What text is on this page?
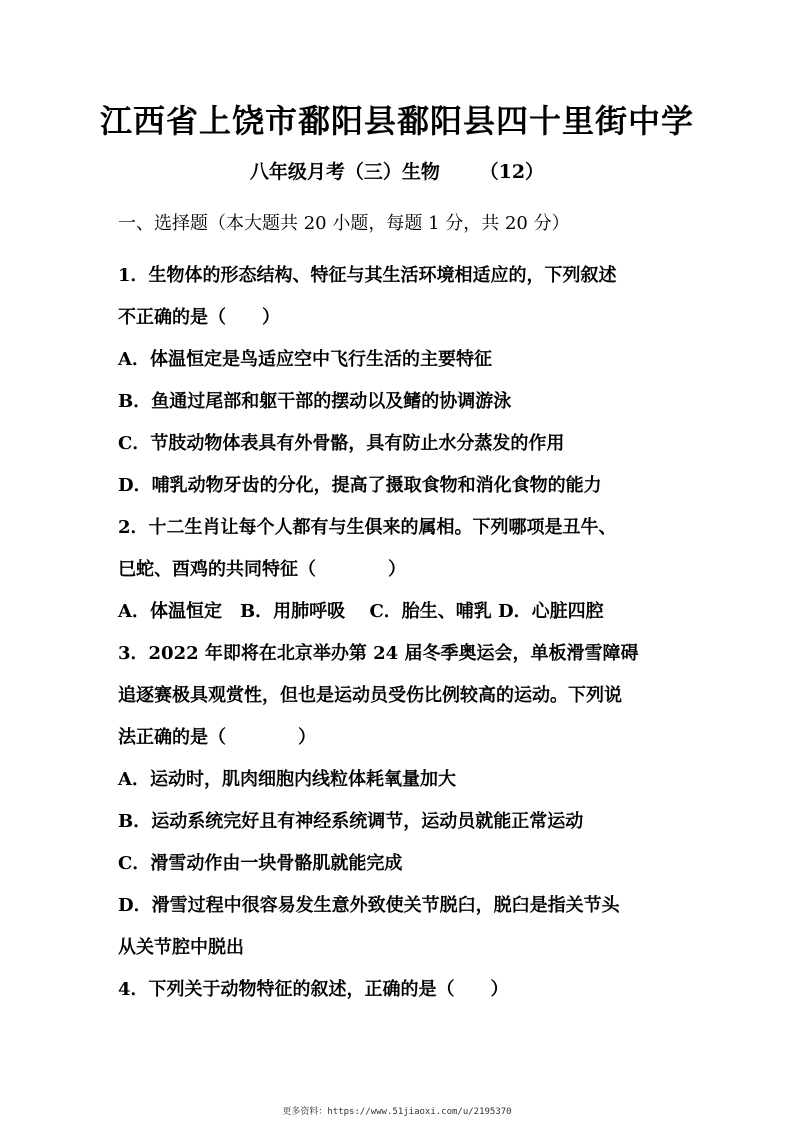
江西省上饶市鄱阳县鄱阳县四十里街中学
八年级月考（三）生物      （12）
一、选择题（本大题共 20 小题，每题 1 分，共 20 分）
1．生物体的形态结构、特征与其生活环境相适应的，下列叙述
不正确的是（　　）
A．体温恒定是鸟适应空中飞行生活的主要特征
B．鱼通过尾部和躯干部的摆动以及鳍的协调游泳
C．节肢动物体表具有外骨骼，具有防止水分蒸发的作用
D．哺乳动物牙齿的分化，提高了摄取食物和消化食物的能力
2．十二生肖让每个人都有与生俱来的属相。下列哪项是丑牛、
巳蛇、酉鸡的共同特征（　　　　）
A．体温恒定　B．用肺呼吸　 C．胎生、哺乳 D．心脏四腔
3．2022 年即将在北京举办第 24 届冬季奥运会，单板滑雪障碍
追逐赛极具观赏性，但也是运动员受伤比例较高的运动。下列说
法正确的是（　　　　）
A．运动时，肌肉细胞内线粒体耗氧量加大
B．运动系统完好且有神经系统调节，运动员就能正常运动
C．滑雪动作由一块骨骼肌就能完成
D．滑雪过程中很容易发生意外致使关节脱臼，脱臼是指关节头
从关节腔中脱出
4．下列关于动物特征的叙述，正确的是（　　）
更多资料：https://www.51jiaoxi.com/u/2195370
